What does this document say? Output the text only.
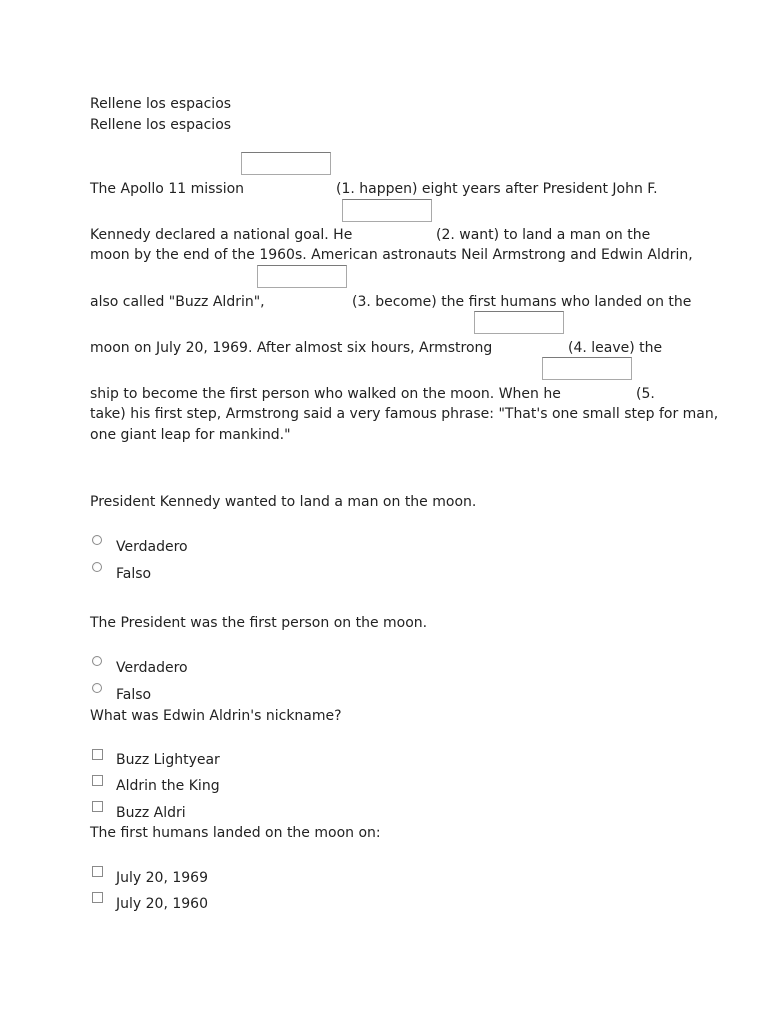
Rellene los espacios
Rellene los espacios
The Apollo 11 mission	(1. happen) eight years after President John F.
Kennedy declared a national goal. He	(2. want) to land a man on the
moon by the end of the 1960s. American astronauts Neil Armstrong and Edwin Aldrin,
also called "Buzz Aldrin",	(3. become) the first humans who landed on the
moon on July 20, 1969. After almost six hours, Armstrong	(4. leave) the
ship to become the first person who walked on the moon. When he	(5.
take) his first step, Armstrong said a very famous phrase: "That's one small step for man,
one giant leap for mankind."
President Kennedy wanted to land a man on the moon.
Verdadero
Falso
The President was the first person on the moon.
Verdadero
Falso
What was Edwin Aldrin's nickname?
Buzz Lightyear
Aldrin the King
Buzz Aldri
The first humans landed on the moon on:
July 20, 1969
July 20, 1960
